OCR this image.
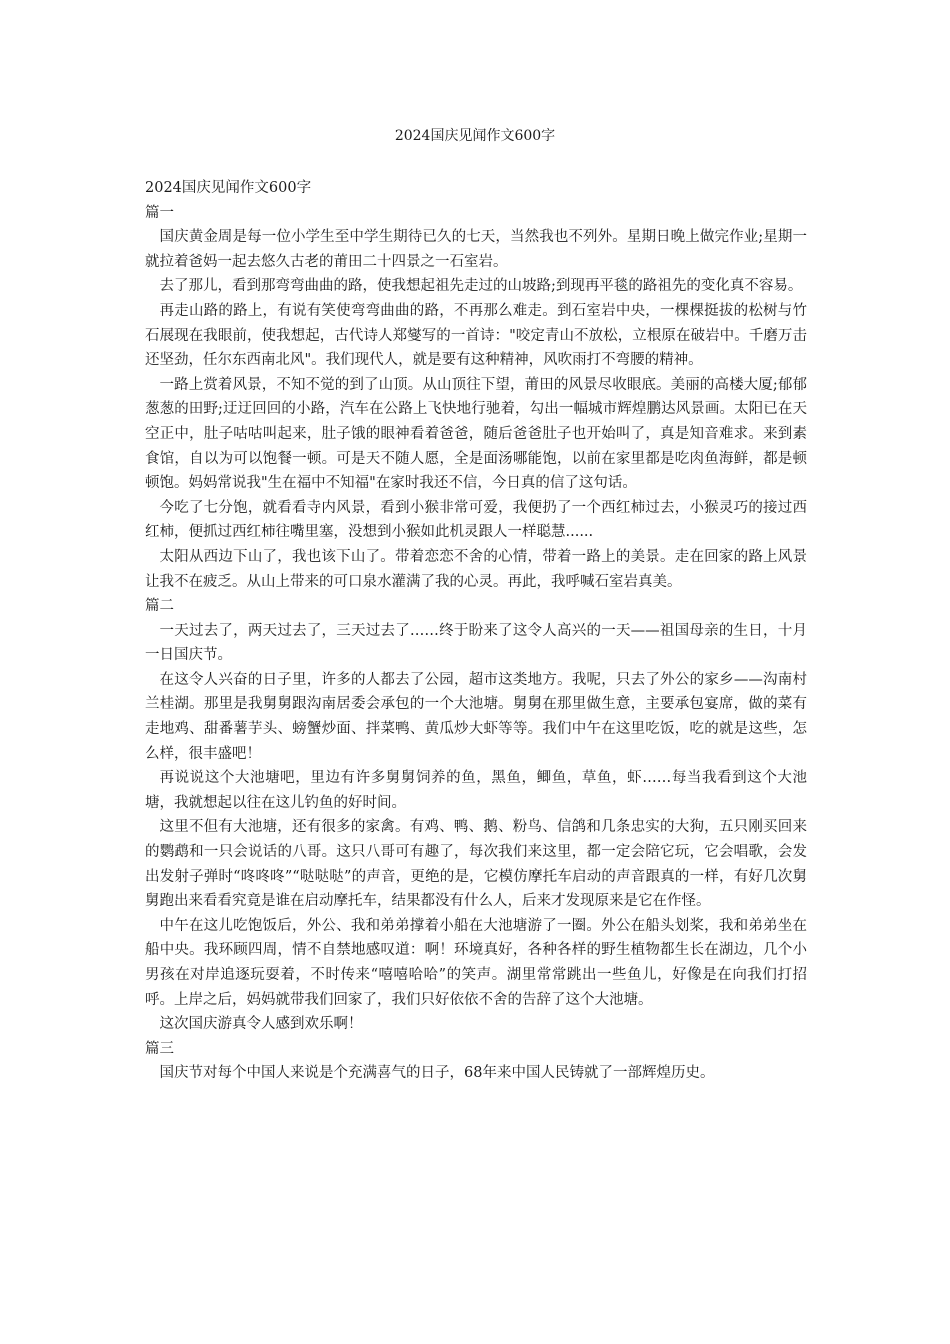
2024国庆见闻作文600字

2024国庆见闻作文600字

篇一

国庆黄金周是每一位小学生至中学生期待已久的七天，当然我也不列外。星期日晚上做完作业;星期一就拉着爸妈一起去悠久古老的莆田二十四景之一石室岩。

去了那儿，看到那弯弯曲曲的路，使我想起祖先走过的山坡路;到现再平毯的路祖先的变化真不容易。

再走山路的路上，有说有笑使弯弯曲曲的路，不再那么难走。到石室岩中央，一棵棵挺拔的松树与竹石展现在我眼前，使我想起，古代诗人郑燮写的一首诗："咬定青山不放松，立根原在破岩中。千磨万击还坚劲，任尔东西南北风"。我们现代人，就是要有这种精神，风吹雨打不弯腰的精神。

一路上赏着风景，不知不觉的到了山顶。从山顶往下望，莆田的风景尽收眼底。美丽的高楼大厦;郁郁葱葱的田野;迂迂回回的小路，汽车在公路上飞快地行驰着，勾出一幅城市辉煌鹏达风景画。太阳已在天空正中，肚子咕咕叫起来，肚子饿的眼神看着爸爸，随后爸爸肚子也开始叫了，真是知音难求。来到素食馆，自以为可以饱餐一顿。可是天不随人愿，全是面汤哪能饱，以前在家里都是吃肉鱼海鲜，都是顿顿饱。妈妈常说我"生在福中不知福"在家时我还不信，今日真的信了这句话。

今吃了七分饱，就看看寺内风景，看到小猴非常可爱，我便扔了一个西红柿过去，小猴灵巧的接过西红柿，便抓过西红柿往嘴里塞，没想到小猴如此机灵跟人一样聪慧......

太阳从西边下山了，我也该下山了。带着恋恋不舍的心情，带着一路上的美景。走在回家的路上风景让我不在疲乏。从山上带来的可口泉水灌满了我的心灵。再此，我呼喊石室岩真美。

篇二

一天过去了，两天过去了，三天过去了……终于盼来了这令人高兴的一天——祖国母亲的生日，十月一日国庆节。

在这令人兴奋的日子里，许多的人都去了公园，超市这类地方。我呢，只去了外公的家乡——沟南村兰桂湖。那里是我舅舅跟沟南居委会承包的一个大池塘。舅舅在那里做生意，主要承包宴席，做的菜有走地鸡、甜番薯芋头、螃蟹炒面、拌菜鸭、黄瓜炒大虾等等。我们中午在这里吃饭，吃的就是这些，怎么样，很丰盛吧！

再说说这个大池塘吧，里边有许多舅舅饲养的鱼，黑鱼，鲫鱼，草鱼，虾……每当我看到这个大池塘，我就想起以往在这儿钓鱼的好时间。

这里不但有大池塘，还有很多的家禽。有鸡、鸭、鹅、粉鸟、信鸽和几条忠实的大狗，五只刚买回来的鹦鹉和一只会说话的八哥。这只八哥可有趣了，每次我们来这里，都一定会陪它玩，它会唱歌，会发出发射子弹时“咚咚咚”“哒哒哒”的声音，更绝的是，它模仿摩托车启动的声音跟真的一样，有好几次舅舅跑出来看看究竟是谁在启动摩托车，结果都没有什么人，后来才发现原来是它在作怪。

中午在这儿吃饱饭后，外公、我和弟弟撑着小船在大池塘游了一圈。外公在船头划桨，我和弟弟坐在船中央。我环顾四周，情不自禁地感叹道：啊！环境真好，各种各样的野生植物都生长在湖边，几个小男孩在对岸追逐玩耍着，不时传来“嘻嘻哈哈”的笑声。湖里常常跳出一些鱼儿，好像是在向我们打招呼。上岸之后，妈妈就带我们回家了，我们只好依依不舍的告辞了这个大池塘。

这次国庆游真令人感到欢乐啊！

篇三

国庆节对每个中国人来说是个充满喜气的日子，68年来中国人民铸就了一部辉煌历史。
